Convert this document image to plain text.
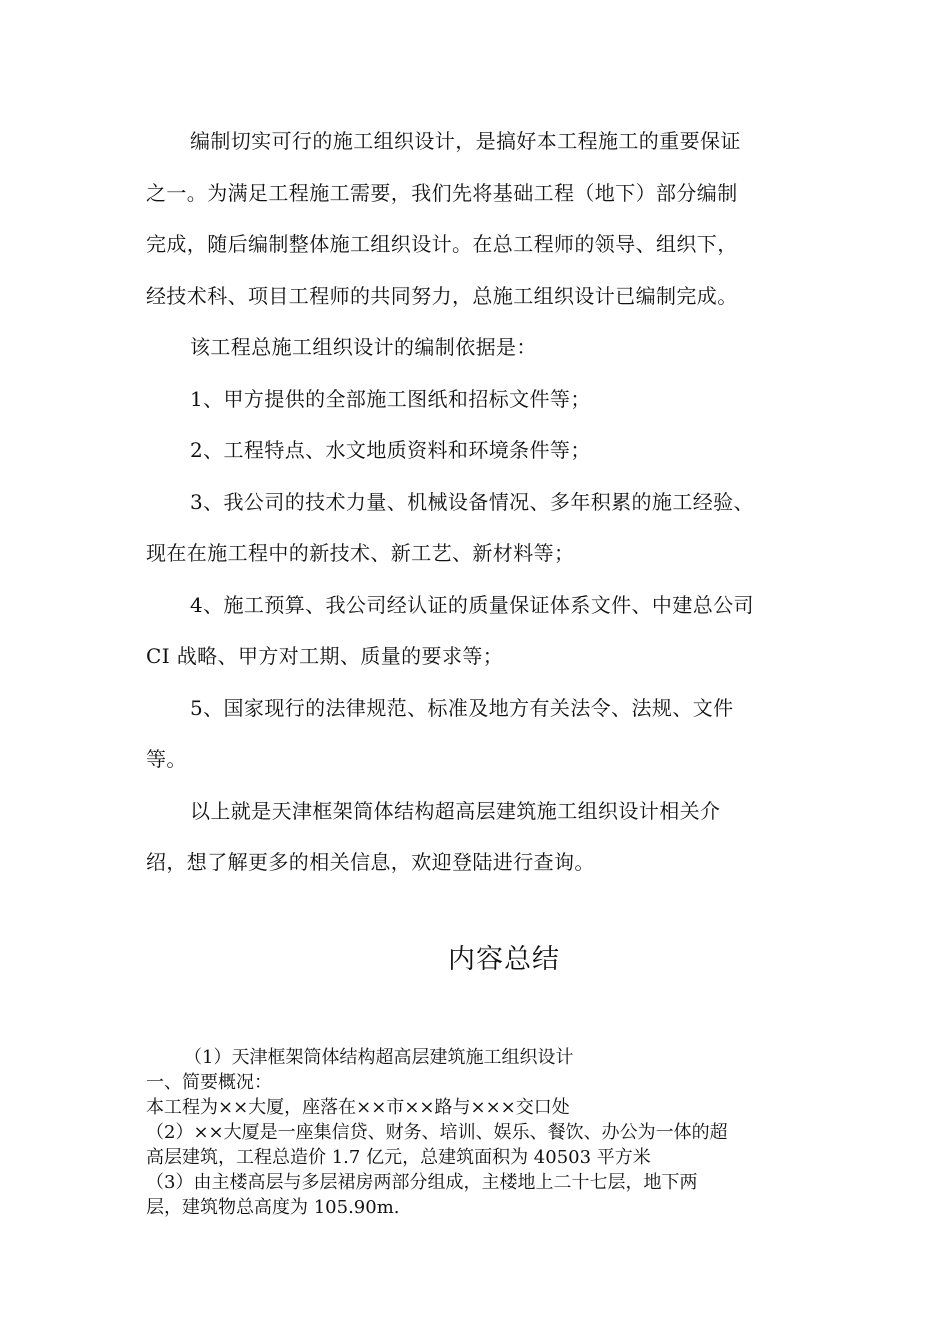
编制切实可行的施工组织设计，是搞好本工程施工的重要保证
之一。为满足工程施工需要，我们先将基础工程（地下）部分编制
完成，随后编制整体施工组织设计。在总工程师的领导、组织下，
经技术科、项目工程师的共同努力，总施工组织设计已编制完成。

该工程总施工组织设计的编制依据是：

1、甲方提供的全部施工图纸和招标文件等；

2、工程特点、水文地质资料和环境条件等；

3、我公司的技术力量、机械设备情况、多年积累的施工经验、
现在在施工程中的新技术、新工艺、新材料等；

4、施工预算、我公司经认证的质量保证体系文件、中建总公司
CI 战略、甲方对工期、质量的要求等；

5、国家现行的法律规范、标准及地方有关法令、法规、文件
等。

以上就是天津框架筒体结构超高层建筑施工组织设计相关介
绍，想了解更多的相关信息，欢迎登陆进行查询。

内容总结
（1）天津框架筒体结构超高层建筑施工组织设计
一、简要概况：
本工程为××大厦，座落在××市××路与×××交口处
（2）××大厦是一座集信贷、财务、培训、娱乐、餐饮、办公为一体的超
高层建筑，工程总造价 1.7 亿元，总建筑面积为 40503 平方米
（3）由主楼高层与多层裙房两部分组成，主楼地上二十七层，地下两
层，建筑物总高度为 105.90m.
